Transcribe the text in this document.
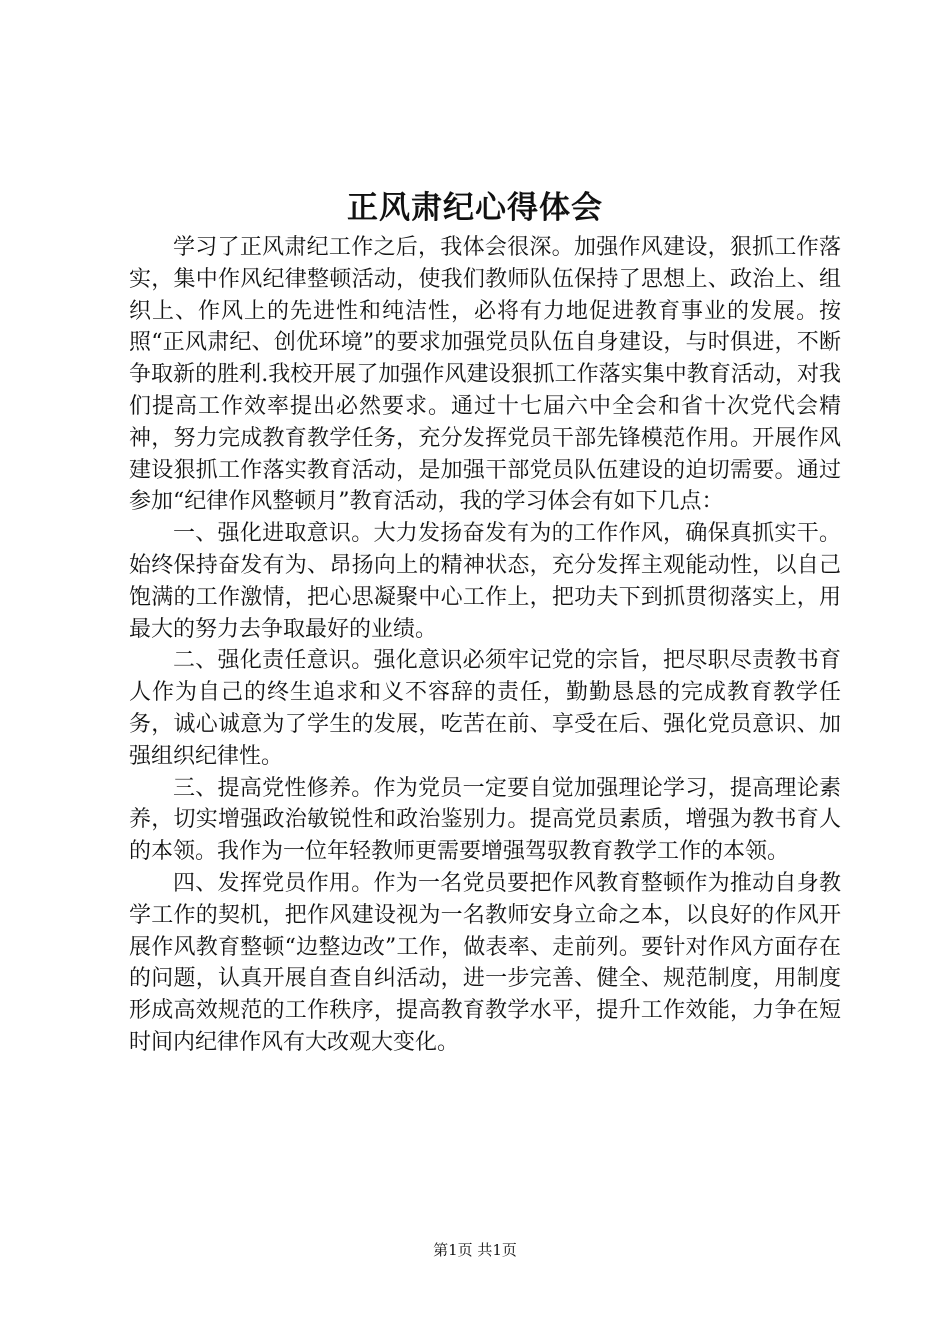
正风肃纪心得体会

学习了正风肃纪工作之后，我体会很深。加强作风建设，狠抓工作落实，集中作风纪律整顿活动，使我们教师队伍保持了思想上、政治上、组织上、作风上的先进性和纯洁性，必将有力地促进教育事业的发展。按照“正风肃纪、创优环境”的要求加强党员队伍自身建设，与时俱进，不断争取新的胜利.我校开展了加强作风建设狠抓工作落实集中教育活动，对我们提高工作效率提出必然要求。通过十七届六中全会和省十次党代会精神，努力完成教育教学任务，充分发挥党员干部先锋模范作用。开展作风建设狠抓工作落实教育活动，是加强干部党员队伍建设的迫切需要。通过参加“纪律作风整顿月”教育活动，我的学习体会有如下几点：

一、强化进取意识。大力发扬奋发有为的工作作风，确保真抓实干。始终保持奋发有为、昂扬向上的精神状态，充分发挥主观能动性，以自己饱满的工作激情，把心思凝聚中心工作上，把功夫下到抓贯彻落实上，用最大的努力去争取最好的业绩。

二、强化责任意识。强化意识必须牢记党的宗旨，把尽职尽责教书育人作为自己的终生追求和义不容辞的责任，勤勤恳恳的完成教育教学任务，诚心诚意为了学生的发展，吃苦在前、享受在后、强化党员意识、加强组织纪律性。

三、提高党性修养。作为党员一定要自觉加强理论学习，提高理论素养，切实增强政治敏锐性和政治鉴别力。提高党员素质，增强为教书育人的本领。我作为一位年轻教师更需要增强驾驭教育教学工作的本领。

四、发挥党员作用。作为一名党员要把作风教育整顿作为推动自身教学工作的契机，把作风建设视为一名教师安身立命之本，以良好的作风开展作风教育整顿“边整边改”工作，做表率、走前列。要针对作风方面存在的问题，认真开展自查自纠活动，进一步完善、健全、规范制度，用制度形成高效规范的工作秩序，提高教育教学水平，提升工作效能，力争在短时间内纪律作风有大改观大变化。

第1页 共1页
